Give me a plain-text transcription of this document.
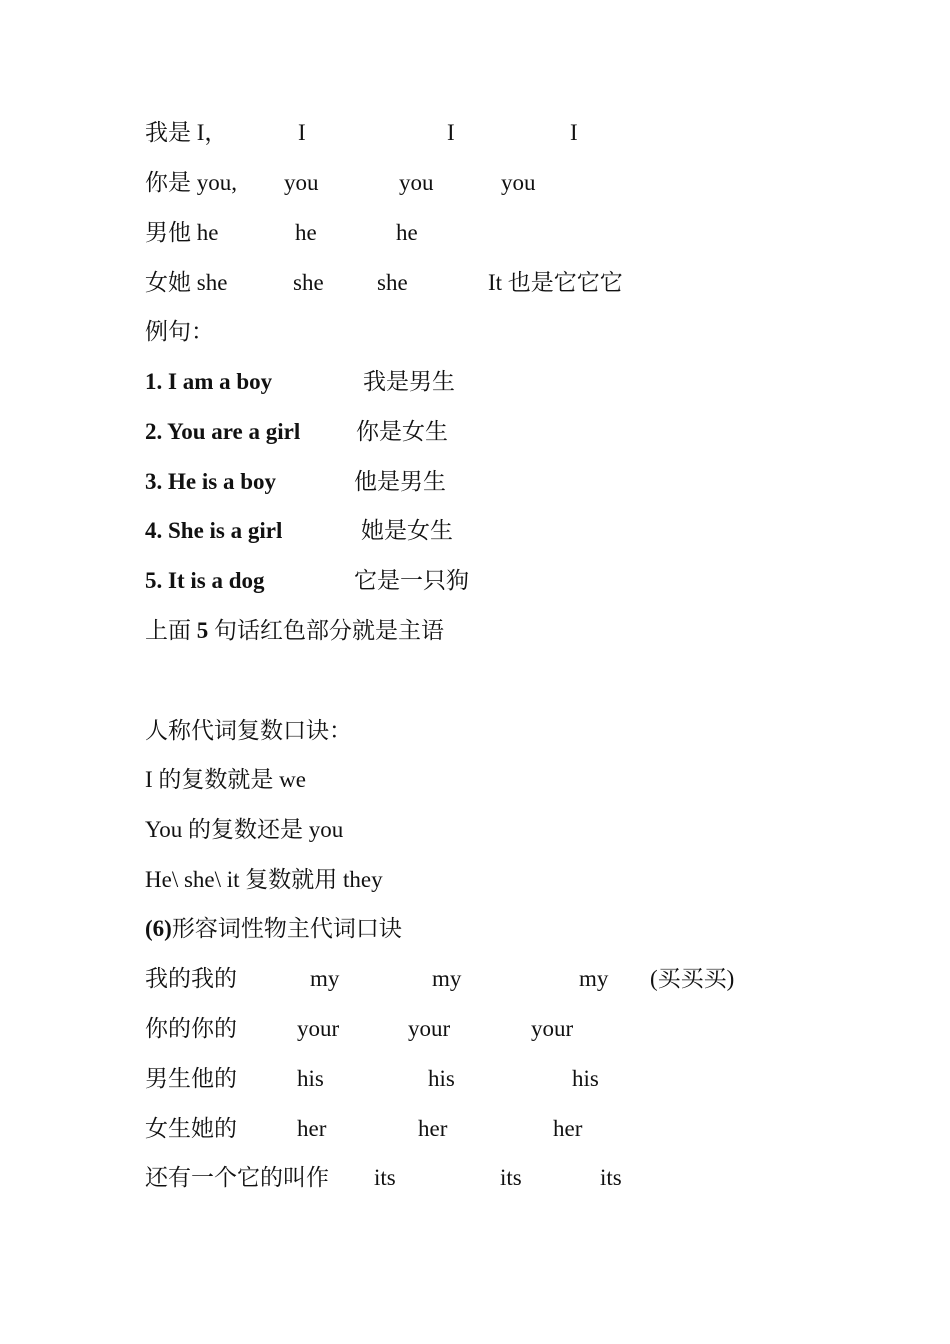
我是 I，	I	I	I
你是 you, you	you	you
男他 he	he	he
女她 she	she she	It 也是它它它
例句：
1. I am a boy	我是男生
2. You are a girl 你是女生
3. He is a boy	他是男生
4. She is a girl	她是女生
5. It is a dog	它是一只狗
上面 5 句话红色部分就是主语
人称代词复数口诀：
I 的复数就是 we
You 的复数还是 you
He\ she\ it 复数就用 they
(6)形容词性物主代词口诀
我的我的	my	my	my (买买买)
你的你的	your	your	your
男生他的	his	his	his
女生她的	her	her	her
还有一个它的叫作 its	its	its
